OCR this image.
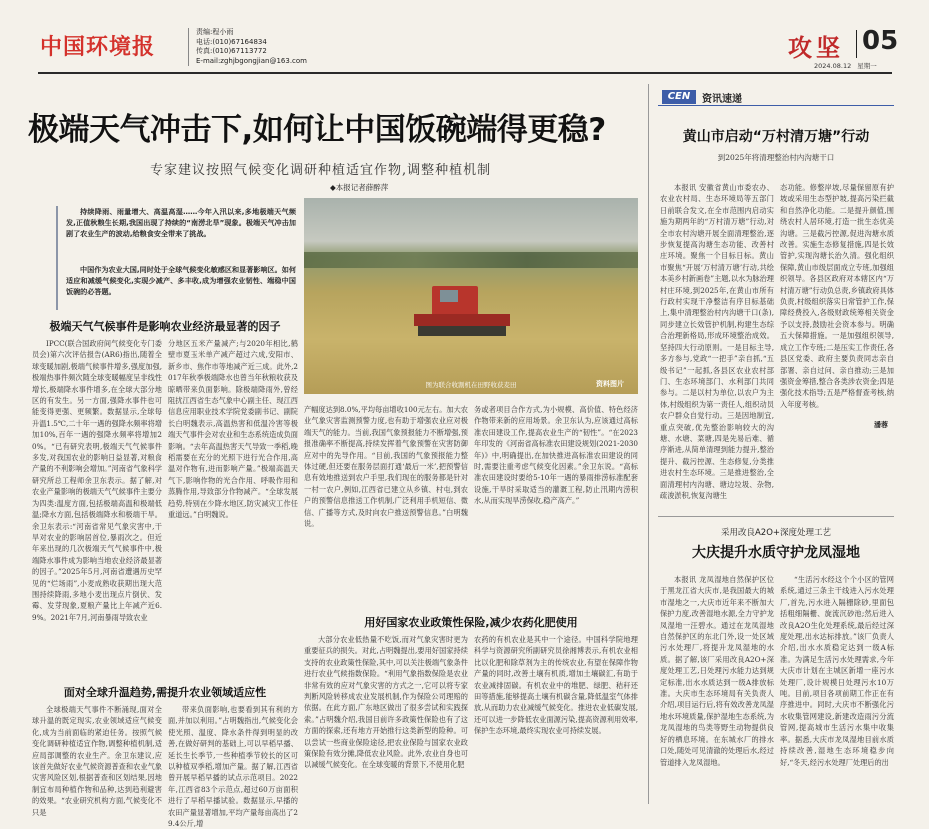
中国环境报
责编:程小雨
电话:(010)67164834
传真:(010)67113772
E-mail:zghjbgongjian@163.com	攻坚 05
2024.08.12 星期一
极端天气冲击下,如何让中国饭碗端得更稳?
专家建议按照气候变化调研种植适宜作物,调整种植机制
◆本报记者薛醉萍
持续降雨、雨量增大、高温高湿……今年入汛以来,多地极端天气频发,正值秋粮生长期,我国出现了持续的“南涝北旱”现象。极端天气冲击加剧了农业生产的波动,给粮食安全带来了挑战。
中国作为农业大国,同时处于全球气候变化敏感区和显著影响区。如何适应和减缓气候变化,实现少减产、多丰收,成为增强农业韧性、端稳中国饭碗的必答题。
图为联合收割机在田野收获麦田	资料图片
极端天气气候事件是影响农业经济最显著的因子
IPCC(联合国政府间气候变化专门委员会)第六次评估报告(AR6)指出,随着全球变暖加剧,极端气候事件增多,强度加强,极端热事件频次随全球变暖幅度呈非线性增长,极端降水事件增多,在全球大部分地区的有发生。另一方面,强降水事件也可能变得更强、更频繁。数据显示,全球每升温1.5℃,二十年一遇的强降水频率将增加10%,百年一遇的强降水频率将增加20%。“已有研究表明,极端天气气候事件多发,对我国农业的影响日益显著,对粮食产量的不利影响会增加。”河南省气象科学研究所总工程师余卫东表示。据了解,对农业产量影响的极端天气气候事件主要分为四类:温度方面,包括极端高温和极端低温;降水方面,包括极端降水和极端干旱。余卫东表示:“河南省常见气象灾害中,干旱对农业的影响居首位,暴雨次之。但近年来出现的几次极端天气气候事件中,极端降水事件成为影响当地农业经济最显著的因子。”2025年5月,河南省遭遇历史罕见的“烂场雨”,小麦成熟收获期出现大范围持续降雨,多地小麦出现点片倒伏、发霉、发芽现象,夏粮产量比上年减产近6.9%。2021年7月,河南暴雨导致农业
面对全球升温趋势,需提升农业领域适应性
全球极端天气事件不断涌现,面对全球升温的既定现实,农业领域适应气候变化,成为当前面临的紧迫任务。按照气候变化调研种植适宜作物,调整种植机制,适应局部调整的农业生产。余卫东建议,应该首先做好农业气候资源普查和农业气象灾害风险区划,根据普查和区划结果,因地制宜布局种植作物和品种,达到趋利避害的效果。“农业研究机构方面,气候变化不只是
分地区五米产量减产;与2020年相比,鹤壁市夏玉米单产减产超过六成,安阳市、新乡市、焦作市等地减产近三成。此外,2017年秋季极端降水也曾当年秋粮收获及晾晒带来负面影响。除极端降雨外,曾经阻扰江西省生态气象中心副主任、现江西信息应用职业技术学院党委副书记、副院长白明魏表示,高温热害和低温冷害等极端天气事件会对农业和生态系统造成负面影响。“去年高温热害天气导致一季稻,晚稻需要在充分的光照下进行光合作用,高温对作物有,进而影响产量。”极端高温天气下,影响作物的光合作用、呼吸作用和蒸腾作用,导致部分作物减产。“全球发展趋势,特别在少降水地区,防灾减灾工作任重道远。”白明魏说。
带来负面影响,也要看到其有利的方面,并加以利用。”占明魏指出,气候变化会使光照、温度、降水条件得到明显的改善,在做好研判的基础上,可以早稻早播、延长生长季节,一些种植季节较长的区可以种植双季稻,增加产量。据了解,江西省曾开展早稻早播的试点示范项目。2022年,江西省83个示范点,超过60万亩面积进行了早稻早播试验。数据显示,早播的农田产量显著增加,平均产量每亩高出了29.4公斤,增
产幅度达到8.0%,平均每亩增收100元左右。加大农业气象灾害监测预警力度,也有助于增强农业应对极端天气的能力。当前,我国气象预报能力不断增强,预报准确率不断提高,持续发挥着气象预警在灾害防御应对中的先导作用。“目前,我国的气象预报能力整体过硬,但还要在服务层面打通‘最后一米’,把预警信息有效地推送到农户手里,我们现在的服务都是针对一村一农户,例如,江西省已建立从乡镇、村屯,到农户的预警信息推送工作机制,广泛利用手机短信、微信、广播等方式,及时向农户推送预警信息。”白明魏说。
用好国家农业政策性保险,减少农药化肥使用
大部分农业低热量不吃饭,而对气象灾害时更为重要征兵的损失。对此,占明魏提出,要用好国家持续支持的农业政策性保险,其中,可以关注极端气象条件进行农业气候指数保险。“利用气象指数保险是农业非常有效的应对气象灾害的方式之一,它可以将专家判断风险转移成农业发展机制,作为保险公司理赔的依据。在此方面,广东地区做出了很多尝试和实践探索。”占明魏介绍,我国目前许多政策性保险也有了这方面的探索,还有地方开始推行这类新型的险种。可以尝试一些商业保险途径,把农业保险与国家农业政策保险有效分摊,降低农业风险。此外,农业自身也可以减缓气候变化。在全球变暖的背景下,不使用化肥
务或者项目合作方式,为小规模、高价值、特色经济作物带来新的应用场景。余卫东认为,应该通过高标准农田建设工作,提高农业生产的“韧性”。“在2023年印发的《河南省高标准农田建设规划(2021-2030年)》中,明确提出,在加快推进高标准农田建设的同时,需要注重考虑气候变化因素。”余卫东说。“高标准农田建设时要给5-10年一遇的暴雨排涝标准配套设施,干旱时采取适当的灌溉工程,防止汛期内涝积水,从而实现旱涝保收,稳产高产。”
农药的有机农业是其中一个途径。中国科学院地理科学与资源研究所副研究员徐湘博表示,有机农业相比以化肥和除草剂为主的传统农业,有望在保障作物产量的同时,改善土壤有机质,增加土壤碳汇,有助于农业减排固碳。有机农业中的堆肥、绿肥、秸秆还田等措施,能够提高土壤有机碳含量,降低温室气体排放,从而助力农业减缓气候变化。推进农业低碳发展,还可以进一步降低农业面源污染,提高资源利用效率,保护生态环境,最终实现农业可持续发展。
CEN	资讯速递
黄山市启动“万村清万塘”行动
到2025年将清理整治村内沟塘干口
本报讯 安徽省黄山市委农办、农业农村局、生态环境局等五部门日前联合发文,在全市范围内启动实施为期两年的“万村清万塘”行动,对全市农村沟塘开展全面清理整治,逐步恢复提高沟塘生态功能、改善村庄环境。聚焦一个目标日标。黄山市聚焦“开展‘万村清万塘’行动,共绘本美乡村新画卷”主题,以水为脉治理村庄环境,到2025年,在黄山市所有行政村实现干净整洁有序目标基础上,集中清理整治村内沟塘干口(条),同步建立长效管护机制,构建生态综合治理新格局,形成环境整治成效。坚持四大行动原则。一是目标主导,多方参与,党政“一把手”亲自抓,“五级书记”一起抓,各县区农业农村部门、生态环境部门、水利部门共同参与。二是以村为单位,以农户为主体,村级组织为第一责任人,组织动员农户群众自觉行动。三是因地制宜,重点突破,优先整治影响较大的沟塘、水塘、菜塘,四是先易后难、循序渐进,从简单清理到能力提升,整治提升、截污控源、生态修复,分类推进农村生态环境。三是推进整治,全面清理村内沟塘、塘边垃圾、杂物,疏浚淤积,恢复沟塘生
态功能。修整岸坡,尽量保留原有护坡或采用生态型护坡,提高污染拦截和自然净化功能。二是提升颜值,围绕农村人居环境,打造一批生态优美沟塘。三是截污控源,促进沟塘水质改善。实施生态修复措施,四是长效管护,实现沟塘长治久清。强化组织保障,黄山市级层面成立专班,加强组织领导。各县区政府对本辖区内“万村清万塘”行动负总责,乡镇政府具体负责,村级组织落实日常管护工作,保障经费投入,各级财政统筹相关资金予以支持,鼓励社会资本参与。明确五大保障措施。一是加强组织领导,成立工作专班;二是压实工作责任,各县区党委、政府主要负责同志亲自部署、亲自过问、亲自推动;三是加强资金筹措,整合各类涉农资金;四是强化技术指导;五是严格督查考核,纳入年度考核。
潘蓉
采用改良A2O+深度处理工艺
大庆提升水质守护龙凤湿地
本报讯 龙凤湿地自然保护区位于黑龙江省大庆市,是我国最大的城市湿地之一,大庆市近年来不断加大保护力度,改善湿地水源,全力守护龙凤湿地一汪碧水。通过在龙凤湿地自然保护区的东北门外,设一处区域污水处理厂,将提升龙凤湿地的水质。据了解,该厂采用改良A2O+深度处理工艺,日处理污水能力达到规定标准,出水水质达到一级A排放标准。大庆市生态环境局有关负责人介绍,项目运行后,将有效改善龙凤湿地水环境质量,保护湿地生态系统,为龙凤湿地的鸟类等野生动物提供良好的栖息环境。在东城水厂的排水口处,随处可见清澈的处理后水,经过管道排入龙凤湿地。
“生活污水经这个个小区的管网系统,通过三条主干线进入污水处理厂,首先,污水进入隔栅除砂,里面包括粗细隔栅、旋流沉砂池;然后进入改良A2O生化处理系统,最后经过深度处理,出水达标排放。”该厂负责人介绍,出水水质稳定达到一级A标准。为满足生活污水处理需求,今年大庆市计划在主城区新增一座污水处理厂,设计规模日处理污水10万吨。目前,项目各项前期工作正在有序推进中。同时,大庆市不断强化污水收集管网建设,新建改造雨污分流管网,提高城市生活污水集中收集率。据悉,大庆市龙凤湿地目前水质持续改善,湿地生态环境稳步向好,“冬天,经污水处理厂处理后的出
